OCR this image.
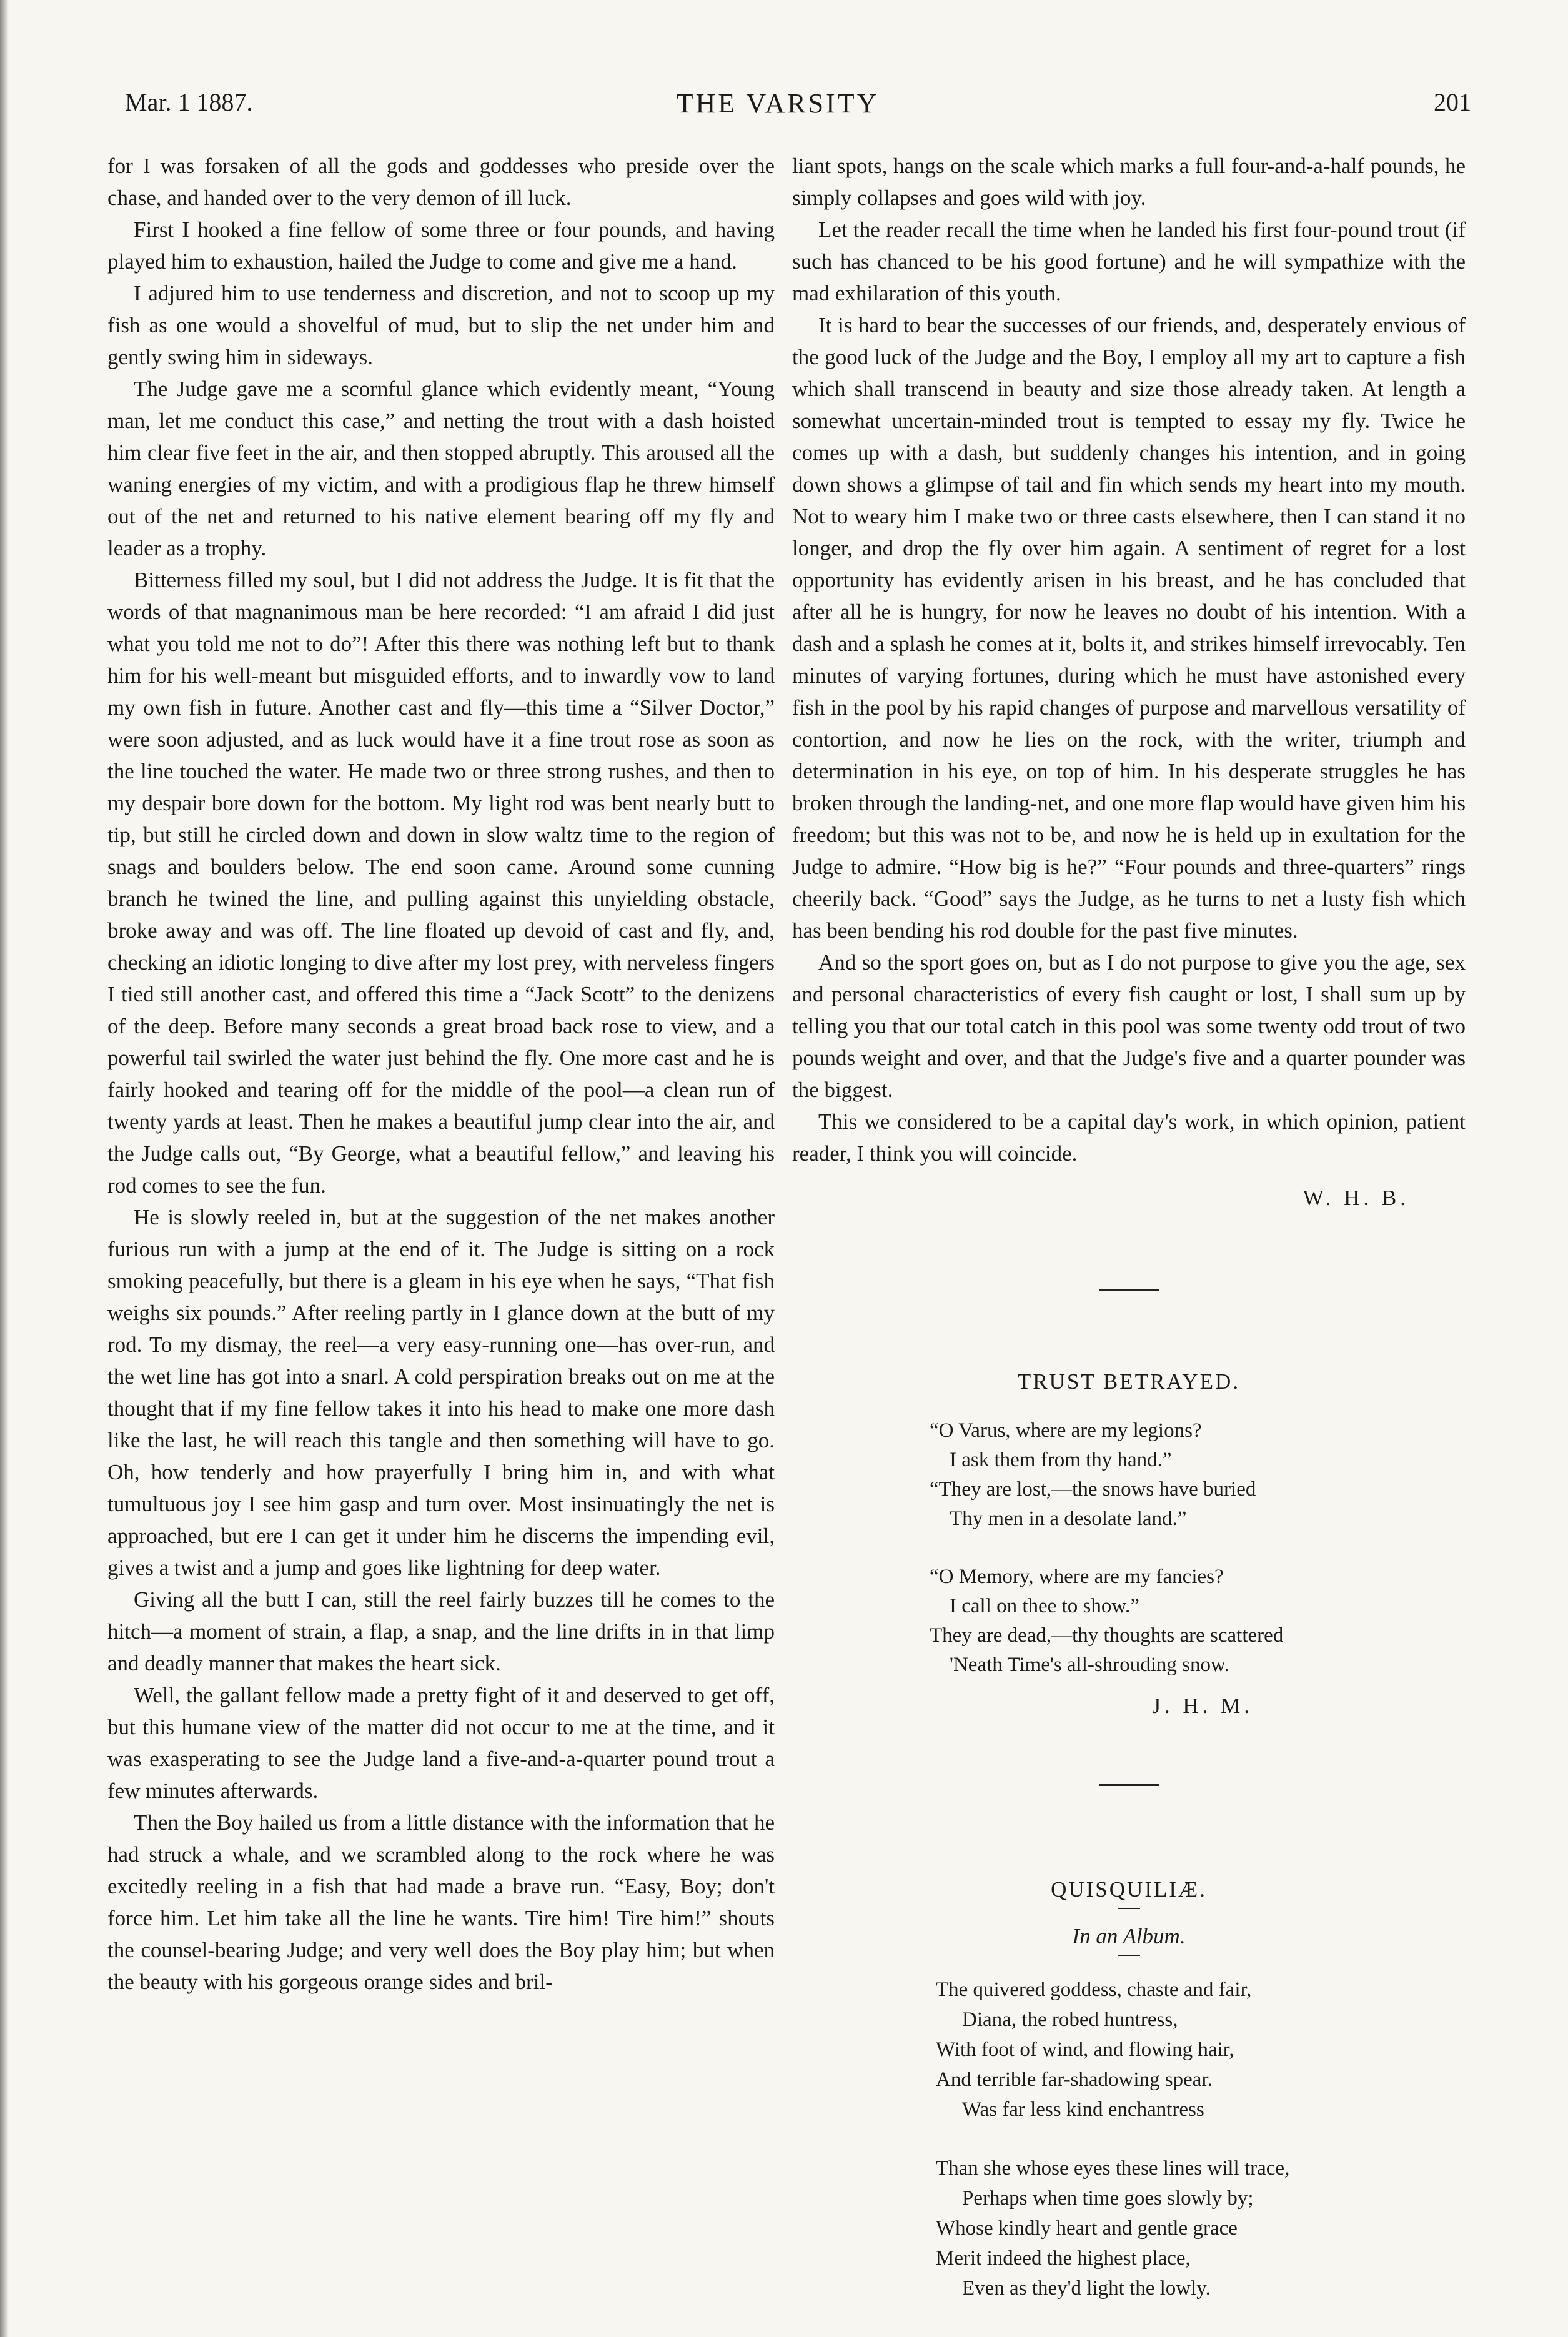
Mar. 1 1887.	THE VARSITY	201

for I was forsaken of all the gods and goddesses who preside over the chase, and handed over to the very demon of ill luck.

First I hooked a fine fellow of some three or four pounds, and having played him to exhaustion, hailed the Judge to come and give me a hand.

I adjured him to use tenderness and discretion, and not to scoop up my fish as one would a shovelful of mud, but to slip the net under him and gently swing him in sideways.

The Judge gave me a scornful glance which evidently meant, “Young man, let me conduct this case,” and netting the trout with a dash hoisted him clear five feet in the air, and then stopped abruptly. This aroused all the waning energies of my victim, and with a prodigious flap he threw himself out of the net and returned to his native element bearing off my fly and leader as a trophy.

Bitterness filled my soul, but I did not address the Judge. It is fit that the words of that magnanimous man be here recorded: “I am afraid I did just what you told me not to do”! After this there was nothing left but to thank him for his well-meant but misguided efforts, and to inwardly vow to land my own fish in future. Another cast and fly—this time a “Silver Doctor,” were soon adjusted, and as luck would have it a fine trout rose as soon as the line touched the water. He made two or three strong rushes, and then to my despair bore down for the bottom. My light rod was bent nearly butt to tip, but still he circled down and down in slow waltz time to the region of snags and boulders below. The end soon came. Around some cunning branch he twined the line, and pulling against this unyielding obstacle, broke away and was off. The line floated up devoid of cast and fly, and, checking an idiotic longing to dive after my lost prey, with nerveless fingers I tied still another cast, and offered this time a “Jack Scott” to the denizens of the deep. Before many seconds a great broad back rose to view, and a powerful tail swirled the water just behind the fly. One more cast and he is fairly hooked and tearing off for the middle of the pool—a clean run of twenty yards at least. Then he makes a beautiful jump clear into the air, and the Judge calls out, “By George, what a beautiful fellow,” and leaving his rod comes to see the fun.

He is slowly reeled in, but at the suggestion of the net makes another furious run with a jump at the end of it. The Judge is sitting on a rock smoking peacefully, but there is a gleam in his eye when he says, “That fish weighs six pounds.” After reeling partly in I glance down at the butt of my rod. To my dismay, the reel—a very easy-running one—has over-run, and the wet line has got into a snarl. A cold perspiration breaks out on me at the thought that if my fine fellow takes it into his head to make one more dash like the last, he will reach this tangle and then something will have to go. Oh, how tenderly and how prayerfully I bring him in, and with what tumultuous joy I see him gasp and turn over. Most insinuatingly the net is approached, but ere I can get it under him he discerns the impending evil, gives a twist and a jump and goes like lightning for deep water.

Giving all the butt I can, still the reel fairly buzzes till he comes to the hitch—a moment of strain, a flap, a snap, and the line drifts in in that limp and deadly manner that makes the heart sick.

Well, the gallant fellow made a pretty fight of it and deserved to get off, but this humane view of the matter did not occur to me at the time, and it was exasperating to see the Judge land a five-and-a-quarter pound trout a few minutes afterwards.

Then the Boy hailed us from a little distance with the information that he had struck a whale, and we scrambled along to the rock where he was excitedly reeling in a fish that had made a brave run. “Easy, Boy; don't force him. Let him take all the line he wants. Tire him! Tire him!” shouts the counsel-bearing Judge; and very well does the Boy play him; but when the beauty with his gorgeous orange sides and bril-

liant spots, hangs on the scale which marks a full four-and-a-half pounds, he simply collapses and goes wild with joy.

Let the reader recall the time when he landed his first four-pound trout (if such has chanced to be his good fortune) and he will sympathize with the mad exhilaration of this youth.

It is hard to bear the successes of our friends, and, desperately envious of the good luck of the Judge and the Boy, I employ all my art to capture a fish which shall transcend in beauty and size those already taken. At length a somewhat uncertain-minded trout is tempted to essay my fly. Twice he comes up with a dash, but suddenly changes his intention, and in going down shows a glimpse of tail and fin which sends my heart into my mouth. Not to weary him I make two or three casts elsewhere, then I can stand it no longer, and drop the fly over him again. A sentiment of regret for a lost opportunity has evidently arisen in his breast, and he has concluded that after all he is hungry, for now he leaves no doubt of his intention. With a dash and a splash he comes at it, bolts it, and strikes himself irrevocably. Ten minutes of varying fortunes, during which he must have astonished every fish in the pool by his rapid changes of purpose and marvellous versatility of contortion, and now he lies on the rock, with the writer, triumph and determination in his eye, on top of him. In his desperate struggles he has broken through the landing-net, and one more flap would have given him his freedom; but this was not to be, and now he is held up in exultation for the Judge to admire. “How big is he?” “Four pounds and three-quarters” rings cheerily back. “Good” says the Judge, as he turns to net a lusty fish which has been bending his rod double for the past five minutes.

And so the sport goes on, but as I do not purpose to give you the age, sex and personal characteristics of every fish caught or lost, I shall sum up by telling you that our total catch in this pool was some twenty odd trout of two pounds weight and over, and that the Judge's five and a quarter pounder was the biggest.

This we considered to be a capital day's work, in which opinion, patient reader, I think you will coincide.

W. H. B.
TRUST BETRAYED.
“O Varus, where are my legions?
I ask them from thy hand.”
“They are lost,—the snows have buried
Thy men in a desolate land.”
“O Memory, where are my fancies?
I call on thee to show.”
They are dead,—thy thoughts are scattered
'Neath Time's all-shrouding snow.
J. H. M.
QUISQUILIÆ.
In an Album.
The quivered goddess, chaste and fair,
Diana, the robed huntress,
With foot of wind, and flowing hair,
And terrible far-shadowing spear.
Was far less kind enchantress
Than she whose eyes these lines will trace,
Perhaps when time goes slowly by;
Whose kindly heart and gentle grace
Merit indeed the highest place,
Even as they'd light the lowly.
